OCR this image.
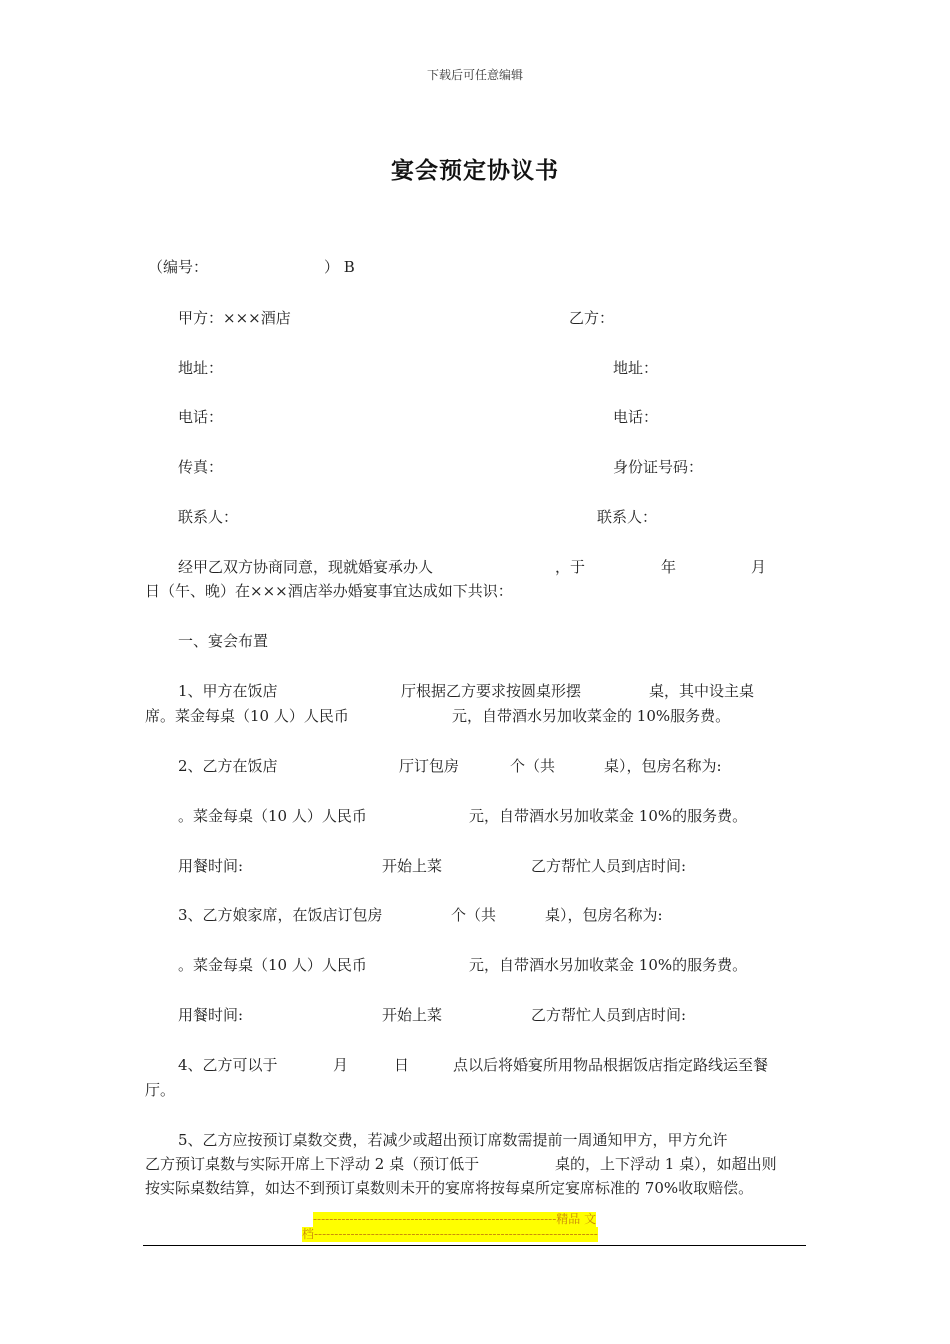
下载后可任意编辑
宴会预定协议书
（编号：	） B
甲方：×××酒店	乙方：
地址：	地址：
电话：	电话：
传真：	身份证号码：
联系人：	联系人：
经甲乙双方协商同意，现就婚宴承办人	，于	年	月
日（午、晚）在×××酒店举办婚宴事宜达成如下共识：
一、宴会布置
1、甲方在饭店	厅根据乙方要求按圆桌形摆	桌，其中设主桌
席。菜金每桌（10 人）人民币	元，自带酒水另加收菜金的 10%服务费。
2、乙方在饭店	厅订包房	个（共	桌），包房名称为:
。菜金每桌（10 人）人民币	元，自带酒水另加收菜金 10%的服务费。
用餐时间:	开始上菜	乙方帮忙人员到店时间:
3、乙方娘家席，在饭店订包房	个（共	桌），包房名称为:
。菜金每桌（10 人）人民币	元，自带酒水另加收菜金 10%的服务费。
用餐时间:	开始上菜	乙方帮忙人员到店时间:
4、乙方可以于	月	日	点以后将婚宴所用物品根据饭店指定路线运至餐
厅。
5、乙方应按预订桌数交费，若减少或超出预订席数需提前一周通知甲方，甲方允许
乙方预订桌数与实际开席上下浮动 2 桌（预订低于	桌的，上下浮动 1 桌），如超出则
按实际桌数结算，如达不到预订桌数则未开的宴席将按每桌所定宴席标准的 70%收取赔偿。
------------------------------------------------------------精品 文
档----------------------------------------------------------------------
